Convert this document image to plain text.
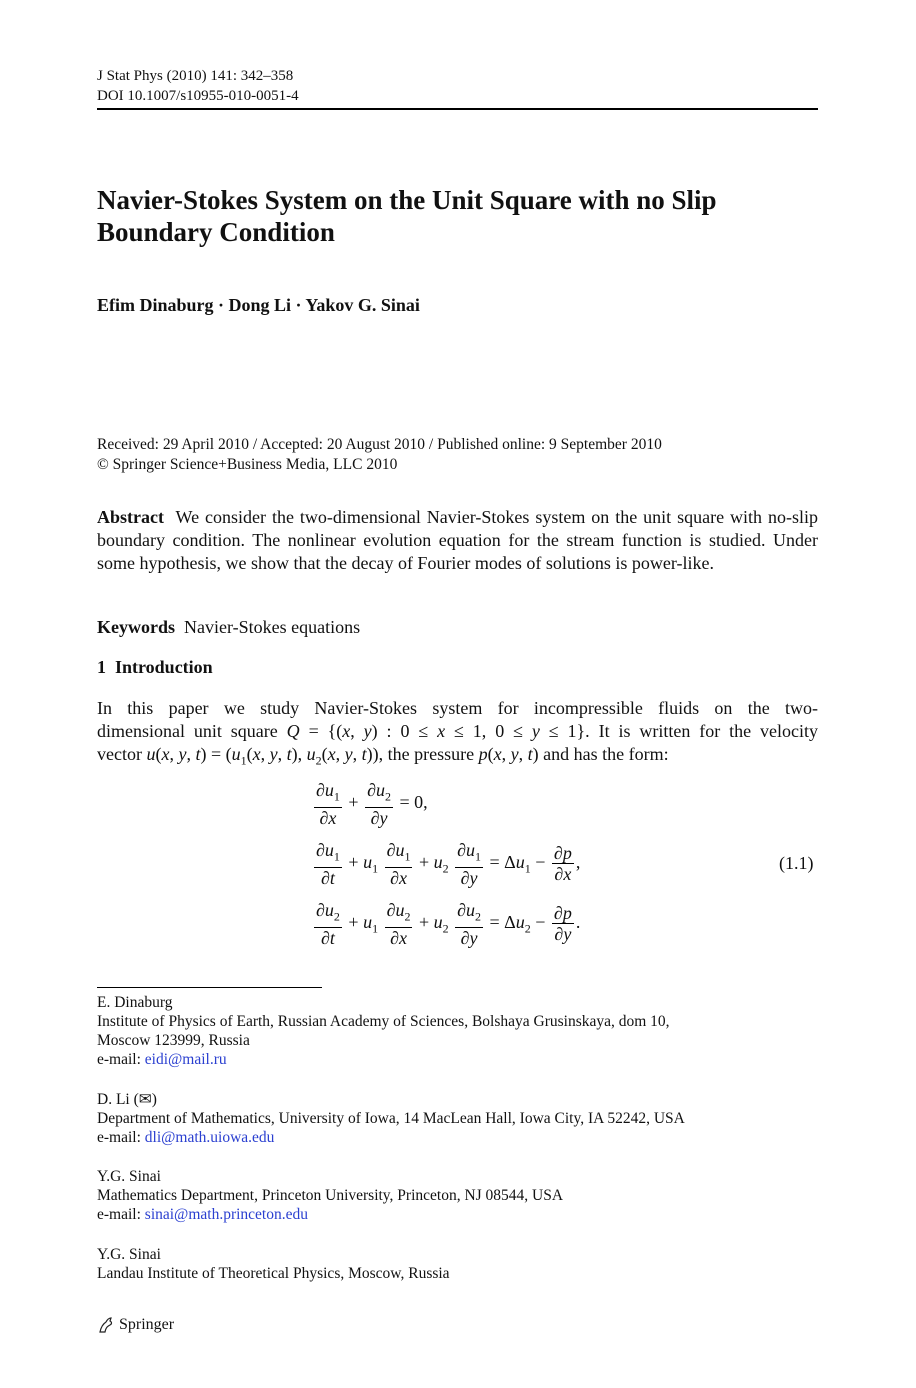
J Stat Phys (2010) 141: 342–358
DOI 10.1007/s10955-010-0051-4
Navier-Stokes System on the Unit Square with no Slip Boundary Condition
Efim Dinaburg · Dong Li · Yakov G. Sinai
Received: 29 April 2010 / Accepted: 20 August 2010 / Published online: 9 September 2010
© Springer Science+Business Media, LLC 2010
Abstract We consider the two-dimensional Navier-Stokes system on the unit square with no-slip boundary condition. The nonlinear evolution equation for the stream function is studied. Under some hypothesis, we show that the decay of Fourier modes of solutions is power-like.
Keywords Navier-Stokes equations
1 Introduction
In this paper we study Navier-Stokes system for incompressible fluids on the two-
dimensional unit square Q = {(x, y) : 0 ≤ x ≤ 1, 0 ≤ y ≤ 1}. It is written for the velocity
vector u(x, y, $t) = (u_1(x$, y, t), $u_2(x$, y, t)), the pressure p(x, y, t) and has the form:
$\frac{\partial u_1}{\partial x} + \frac{\partial u_2}{\partial y} = 0$,
$\frac{\partial u_1}{\partial t} + u_1 \frac{\partial u_1}{\partial x} + u_2 \frac{\partial u_1}{\partial y} = \Delta u_1 - \frac{\partial p}{\partial x}$ ,
$\frac{\partial u_2}{\partial t} + u_1 \frac{\partial u_2}{\partial x} + u_2 \frac{\partial u_2}{\partial y} = \Delta u_2 - \frac{\partial p}{\partial y}$ .
(1.1)
E. Dinaburg
Institute of Physics of Earth, Russian Academy of Sciences, Bolshaya Grusinskaya, dom 10,
Moscow 123999, Russia
e-mail: eidi@mail.ru
D. Li (✉)
Department of Mathematics, University of Iowa, 14 MacLean Hall, Iowa City, IA 52242, USA
e-mail: dli@math.uiowa.edu
Y.G. Sinai
Mathematics Department, Princeton University, Princeton, NJ 08544, USA
e-mail: sinai@math.princeton.edu
Y.G. Sinai
Landau Institute of Theoretical Physics, Moscow, Russia
Springer
